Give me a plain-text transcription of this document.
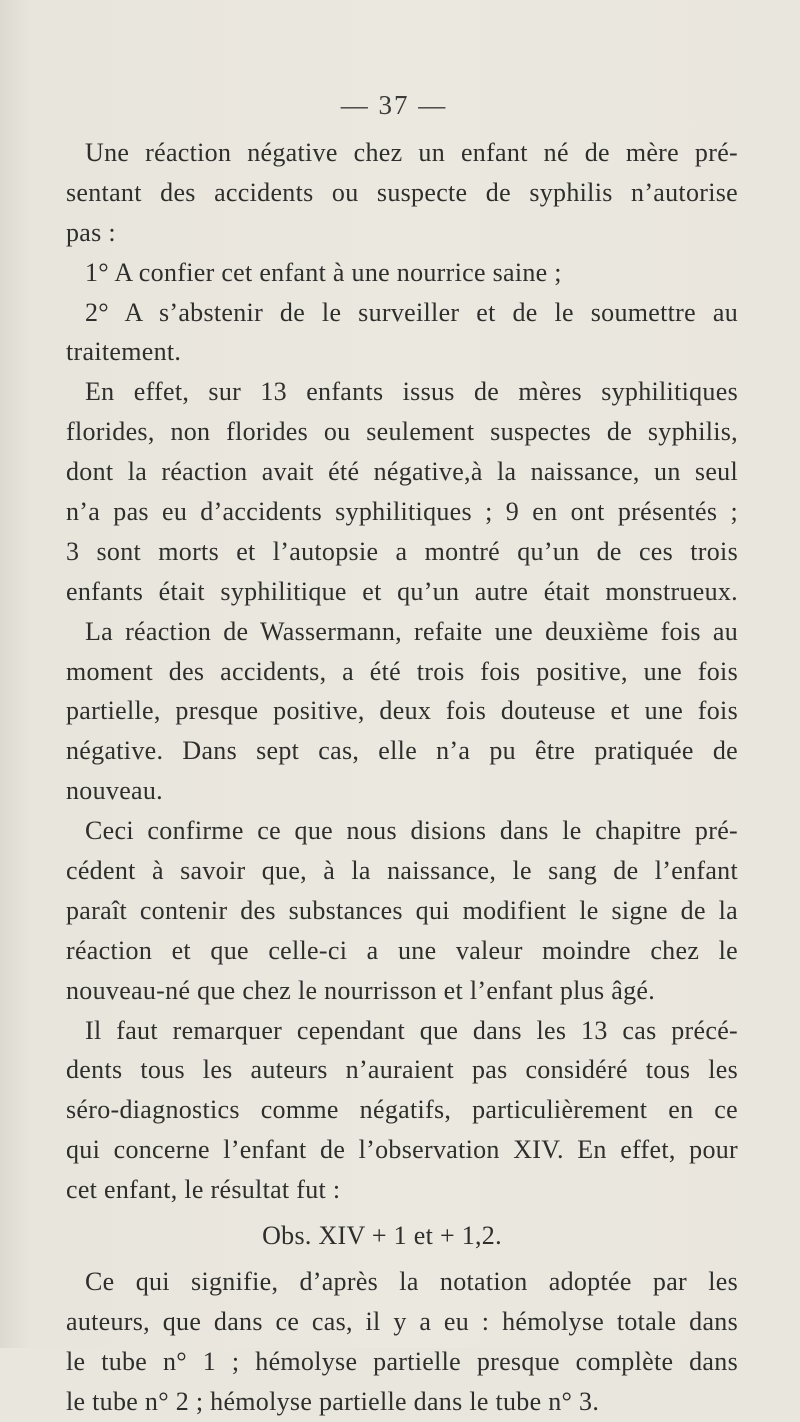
— 37 —
Une réaction négative chez un enfant né de mère pré-
sentant des accidents ou suspecte de syphilis n’autorise
pas :
1° A confier cet enfant à une nourrice saine ;
2° A s’abstenir de le surveiller et de le soumettre au
traitement.
En effet, sur 13 enfants issus de mères syphilitiques
florides, non florides ou seulement suspectes de syphilis,
dont la réaction avait été négative,à la naissance, un seul
n’a pas eu d’accidents syphilitiques ; 9 en ont présentés ;
3 sont morts et l’autopsie a montré qu’un de ces trois
enfants était syphilitique et qu’un autre était monstrueux.
La réaction de Wassermann, refaite une deuxième fois au
moment des accidents, a été trois fois positive, une fois
partielle, presque positive, deux fois douteuse et une fois
négative. Dans sept cas, elle n’a pu être pratiquée de
nouveau.
Ceci confirme ce que nous disions dans le chapitre pré-
cédent à savoir que, à la naissance, le sang de l’enfant
paraît contenir des substances qui modifient le signe de la
réaction et que celle-ci a une valeur moindre chez le
nouveau-né que chez le nourrisson et l’enfant plus âgé.
Il faut remarquer cependant que dans les 13 cas précé-
dents tous les auteurs n’auraient pas considéré tous les
séro-diagnostics comme négatifs, particulièrement en ce
qui concerne l’enfant de l’observation XIV. En effet, pour
cet enfant, le résultat fut :
Obs. XIV + 1 et + 1,2.
Ce qui signifie, d’après la notation adoptée par les
auteurs, que dans ce cas, il y a eu : hémolyse totale dans
le tube n° 1 ; hémolyse partielle presque complète dans
le tube n° 2 ; hémolyse partielle dans le tube n° 3.
